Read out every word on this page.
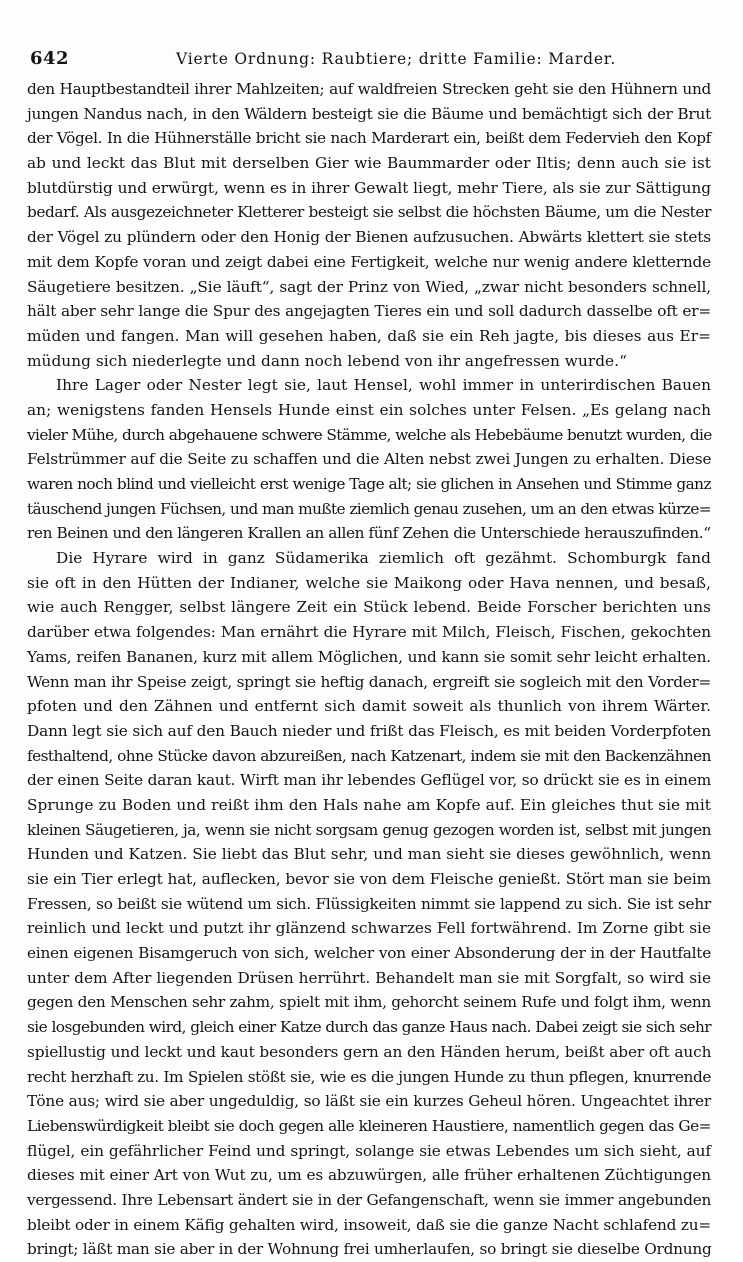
642	Vierte Ordnung: Raubtiere; dritte Familie: Marder.
den Hauptbestandteil ihrer Mahlzeiten; auf waldfreien Strecken geht sie den Hühnern und
jungen Nandus nach, in den Wäldern besteigt sie die Bäume und bemächtigt sich der Brut
der Vögel. In die Hühnerställe bricht sie nach Marderart ein, beißt dem Federvieh den Kopf
ab und leckt das Blut mit derselben Gier wie Baummarder oder Iltis; denn auch sie ist
blutdürstig und erwürgt, wenn es in ihrer Gewalt liegt, mehr Tiere, als sie zur Sättigung
bedarf. Als ausgezeichneter Kletterer besteigt sie selbst die höchsten Bäume, um die Nester
der Vögel zu plündern oder den Honig der Bienen aufzusuchen. Abwärts klettert sie stets
mit dem Kopfe voran und zeigt dabei eine Fertigkeit, welche nur wenig andere kletternde
Säugetiere besitzen. „Sie läuft“, sagt der Prinz von Wied, „zwar nicht besonders schnell,
hält aber sehr lange die Spur des angejagten Tieres ein und soll dadurch dasselbe oft er=
müden und fangen. Man will gesehen haben, daß sie ein Reh jagte, bis dieses aus Er=
müdung sich niederlegte und dann noch lebend von ihr angefressen wurde.“
Ihre Lager oder Nester legt sie, laut Hensel, wohl immer in unterirdischen Bauen
an; wenigstens fanden Hensels Hunde einst ein solches unter Felsen. „Es gelang nach
vieler Mühe, durch abgehauene schwere Stämme, welche als Hebebäume benutzt wurden, die
Felstrümmer auf die Seite zu schaffen und die Alten nebst zwei Jungen zu erhalten. Diese
waren noch blind und vielleicht erst wenige Tage alt; sie glichen in Ansehen und Stimme ganz
täuschend jungen Füchsen, und man mußte ziemlich genau zusehen, um an den etwas kürze=
ren Beinen und den längeren Krallen an allen fünf Zehen die Unterschiede herauszufinden.“
Die Hyrare wird in ganz Südamerika ziemlich oft gezähmt. Schomburgk fand
sie oft in den Hütten der Indianer, welche sie Maikong oder Hava nennen, und besaß,
wie auch Rengger, selbst längere Zeit ein Stück lebend. Beide Forscher berichten uns
darüber etwa folgendes: Man ernährt die Hyrare mit Milch, Fleisch, Fischen, gekochten
Yams, reifen Bananen, kurz mit allem Möglichen, und kann sie somit sehr leicht erhalten.
Wenn man ihr Speise zeigt, springt sie heftig danach, ergreift sie sogleich mit den Vorder=
pfoten und den Zähnen und entfernt sich damit soweit als thunlich von ihrem Wärter.
Dann legt sie sich auf den Bauch nieder und frißt das Fleisch, es mit beiden Vorderpfoten
festhaltend, ohne Stücke davon abzureißen, nach Katzenart, indem sie mit den Backenzähnen
der einen Seite daran kaut. Wirft man ihr lebendes Geflügel vor, so drückt sie es in einem
Sprunge zu Boden und reißt ihm den Hals nahe am Kopfe auf. Ein gleiches thut sie mit
kleinen Säugetieren, ja, wenn sie nicht sorgsam genug gezogen worden ist, selbst mit jungen
Hunden und Katzen. Sie liebt das Blut sehr, und man sieht sie dieses gewöhnlich, wenn
sie ein Tier erlegt hat, auflecken, bevor sie von dem Fleische genießt. Stört man sie beim
Fressen, so beißt sie wütend um sich. Flüssigkeiten nimmt sie lappend zu sich. Sie ist sehr
reinlich und leckt und putzt ihr glänzend schwarzes Fell fortwährend. Im Zorne gibt sie
einen eigenen Bisamgeruch von sich, welcher von einer Absonderung der in der Hautfalte
unter dem After liegenden Drüsen herrührt. Behandelt man sie mit Sorgfalt, so wird sie
gegen den Menschen sehr zahm, spielt mit ihm, gehorcht seinem Rufe und folgt ihm, wenn
sie losgebunden wird, gleich einer Katze durch das ganze Haus nach. Dabei zeigt sie sich sehr
spiellustig und leckt und kaut besonders gern an den Händen herum, beißt aber oft auch
recht herzhaft zu. Im Spielen stößt sie, wie es die jungen Hunde zu thun pflegen, knurrende
Töne aus; wird sie aber ungeduldig, so läßt sie ein kurzes Geheul hören. Ungeachtet ihrer
Liebenswürdigkeit bleibt sie doch gegen alle kleineren Haustiere, namentlich gegen das Ge=
flügel, ein gefährlicher Feind und springt, solange sie etwas Lebendes um sich sieht, auf
dieses mit einer Art von Wut zu, um es abzuwürgen, alle früher erhaltenen Züchtigungen
vergessend. Ihre Lebensart ändert sie in der Gefangenschaft, wenn sie immer angebunden
bleibt oder in einem Käfig gehalten wird, insoweit, daß sie die ganze Nacht schlafend zu=
bringt; läßt man sie aber in der Wohnung frei umherlaufen, so bringt sie dieselbe Ordnung
